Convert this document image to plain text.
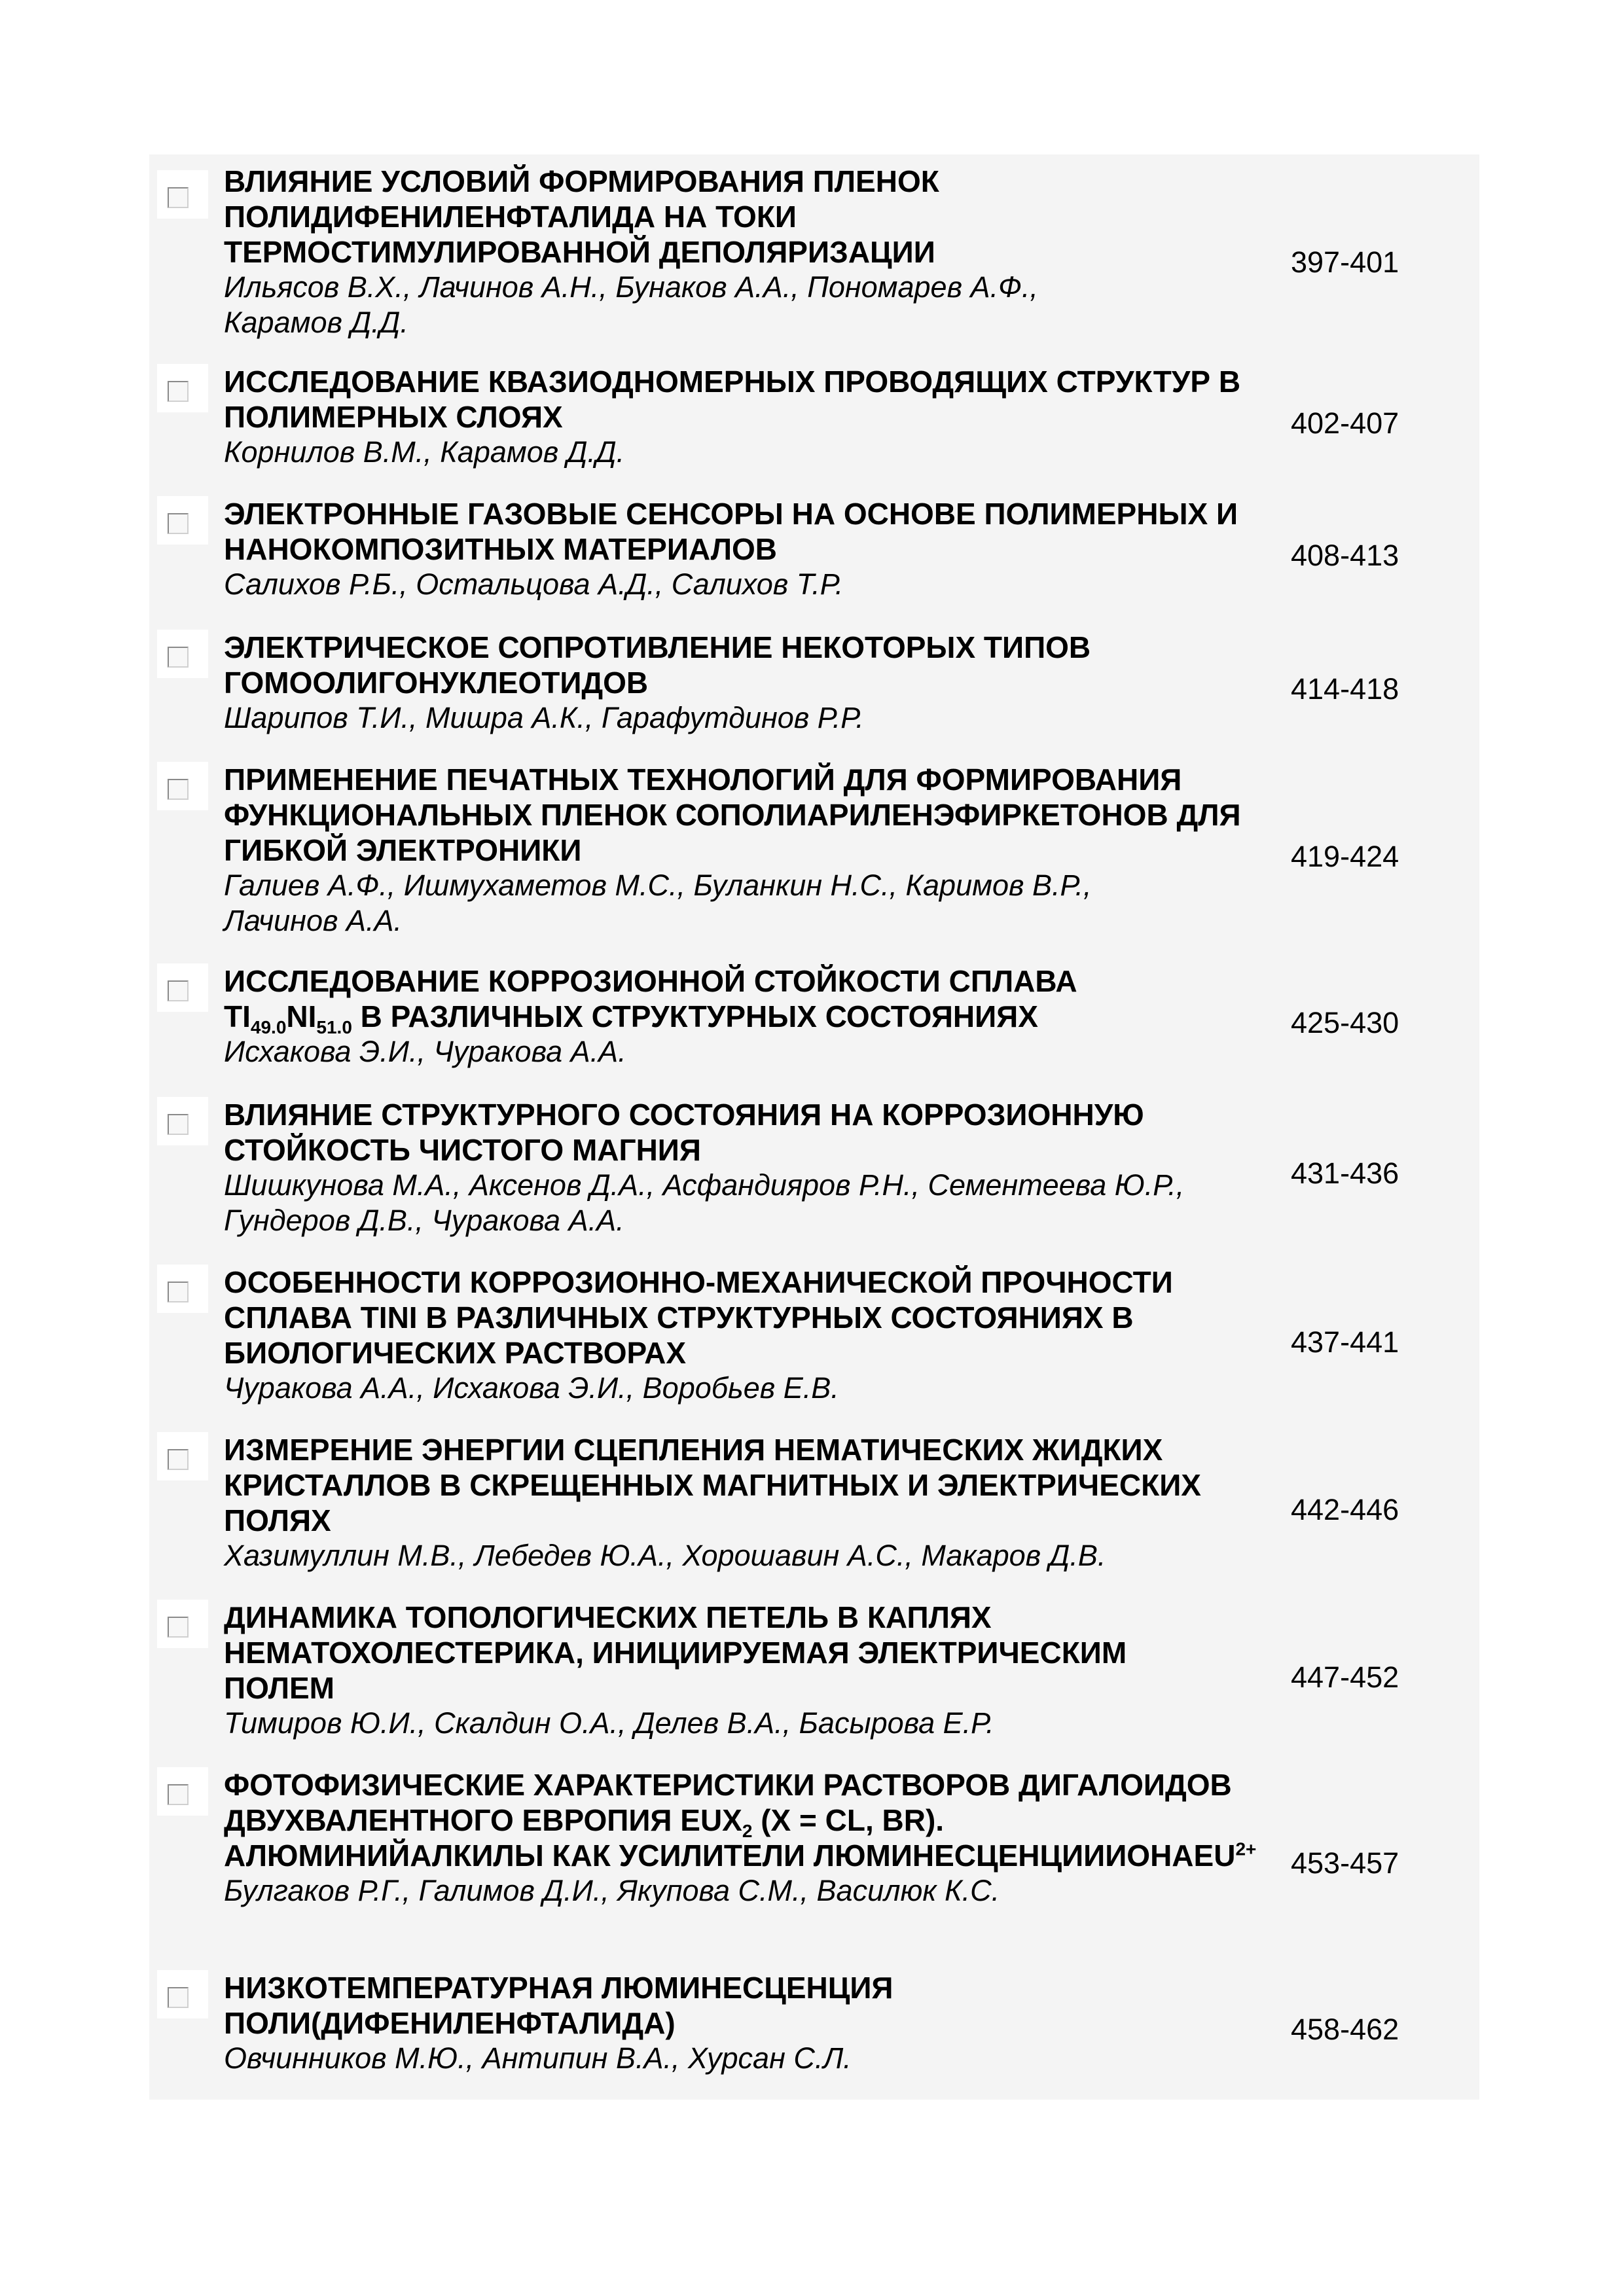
ВЛИЯНИЕ УСЛОВИЙ ФОРМИРОВАНИЯ ПЛЕНОК ПОЛИДИФЕНИЛЕНФТАЛИДА НА ТОКИ ТЕРМОСТИМУЛИРОВАННОЙ ДЕПОЛЯРИЗАЦИИ

Ильясов В.Х., Лачинов А.Н., Бунаков А.А., Пономарев А.Ф., Карамов Д.Д.

397-401

ИССЛЕДОВАНИЕ КВАЗИОДНОМЕРНЫХ ПРОВОДЯЩИХ СТРУКТУР В ПОЛИМЕРНЫХ СЛОЯХ

Корнилов В.М., Карамов Д.Д.

402-407

ЭЛЕКТРОННЫЕ ГАЗОВЫЕ СЕНСОРЫ НА ОСНОВЕ ПОЛИМЕРНЫХ И НАНОКОМПОЗИТНЫХ МАТЕРИАЛОВ

Салихов Р.Б., Остальцова А.Д., Салихов Т.Р.

408-413

ЭЛЕКТРИЧЕСКОЕ СОПРОТИВЛЕНИЕ НЕКОТОРЫХ ТИПОВ ГОМООЛИГОНУКЛЕОТИДОВ

Шарипов Т.И., Мишра А.К., Гарафутдинов Р.Р.

414-418

ПРИМЕНЕНИЕ ПЕЧАТНЫХ ТЕХНОЛОГИЙ ДЛЯ ФОРМИРОВАНИЯ ФУНКЦИОНАЛЬНЫХ ПЛЕНОК СОПОЛИАРИЛЕНЭФИРКЕТОНОВ ДЛЯ ГИБКОЙ ЭЛЕКТРОНИКИ

Галиев А.Ф., Ишмухаметов М.С., Буланкин Н.С., Каримов В.Р., Лачинов А.А.

419-424

ИССЛЕДОВАНИЕ КОРРОЗИОННОЙ СТОЙКОСТИ СПЛАВА $TI_{49.0}NI_{51.0}$ В РАЗЛИЧНЫХ СТРУКТУРНЫХ СОСТОЯНИЯХ

Исхакова Э.И., Чуракова А.А.

425-430

ВЛИЯНИЕ СТРУКТУРНОГО СОСТОЯНИЯ НА КОРРОЗИОННУЮ СТОЙКОСТЬ ЧИСТОГО МАГНИЯ

Шишкунова М.А., Аксенов Д.А., Асфандияров Р.Н., Сементеева Ю.Р., Гундеров Д.В., Чуракова А.А.

431-436

ОСОБЕННОСТИ КОРРОЗИОННО-МЕХАНИЧЕСКОЙ ПРОЧНОСТИ СПЛАВА TINI В РАЗЛИЧНЫХ СТРУКТУРНЫХ СОСТОЯНИЯХ В БИОЛОГИЧЕСКИХ РАСТВОРАХ

Чуракова А.А., Исхакова Э.И., Воробьев Е.В.

437-441

ИЗМЕРЕНИЕ ЭНЕРГИИ СЦЕПЛЕНИЯ НЕМАТИЧЕСКИХ ЖИДКИХ КРИСТАЛЛОВ В СКРЕЩЕННЫХ МАГНИТНЫХ И ЭЛЕКТРИЧЕСКИХ ПОЛЯХ

Хазимуллин М.В., Лебедев Ю.А., Хорошавин А.С., Макаров Д.В.

442-446

ДИНАМИКА ТОПОЛОГИЧЕСКИХ ПЕТЕЛЬ В КАПЛЯХ НЕМАТОХОЛЕСТЕРИКА, ИНИЦИИРУЕМАЯ ЭЛЕКТРИЧЕСКИМ ПОЛЕМ

Тимиров Ю.И., Скалдин О.А., Делев В.А., Басырова Е.Р.

447-452

ФОТОФИЗИЧЕСКИЕ ХАРАКТЕРИСТИКИ РАСТВОРОВ ДИГАЛОИДОВ ДВУХВАЛЕНТНОГО ЕВРОПИЯ $EUX_2$ (X = CL, BR). АЛЮМИНИЙАЛКИЛЫ КАК УСИЛИТЕЛИ $ЛЮМИНЕСЦЕНЦИИИОНАEU^{2+}$

Булгаков Р.Г., Галимов Д.И., Якупова С.М., Василюк К.С.

453-457

НИЗКОТЕМПЕРАТУРНАЯ ЛЮМИНЕСЦЕНЦИЯ ПОЛИ(ДИФЕНИЛЕНФТАЛИДА)

Овчинников М.Ю., Антипин В.А., Хурсан С.Л.

458-462
